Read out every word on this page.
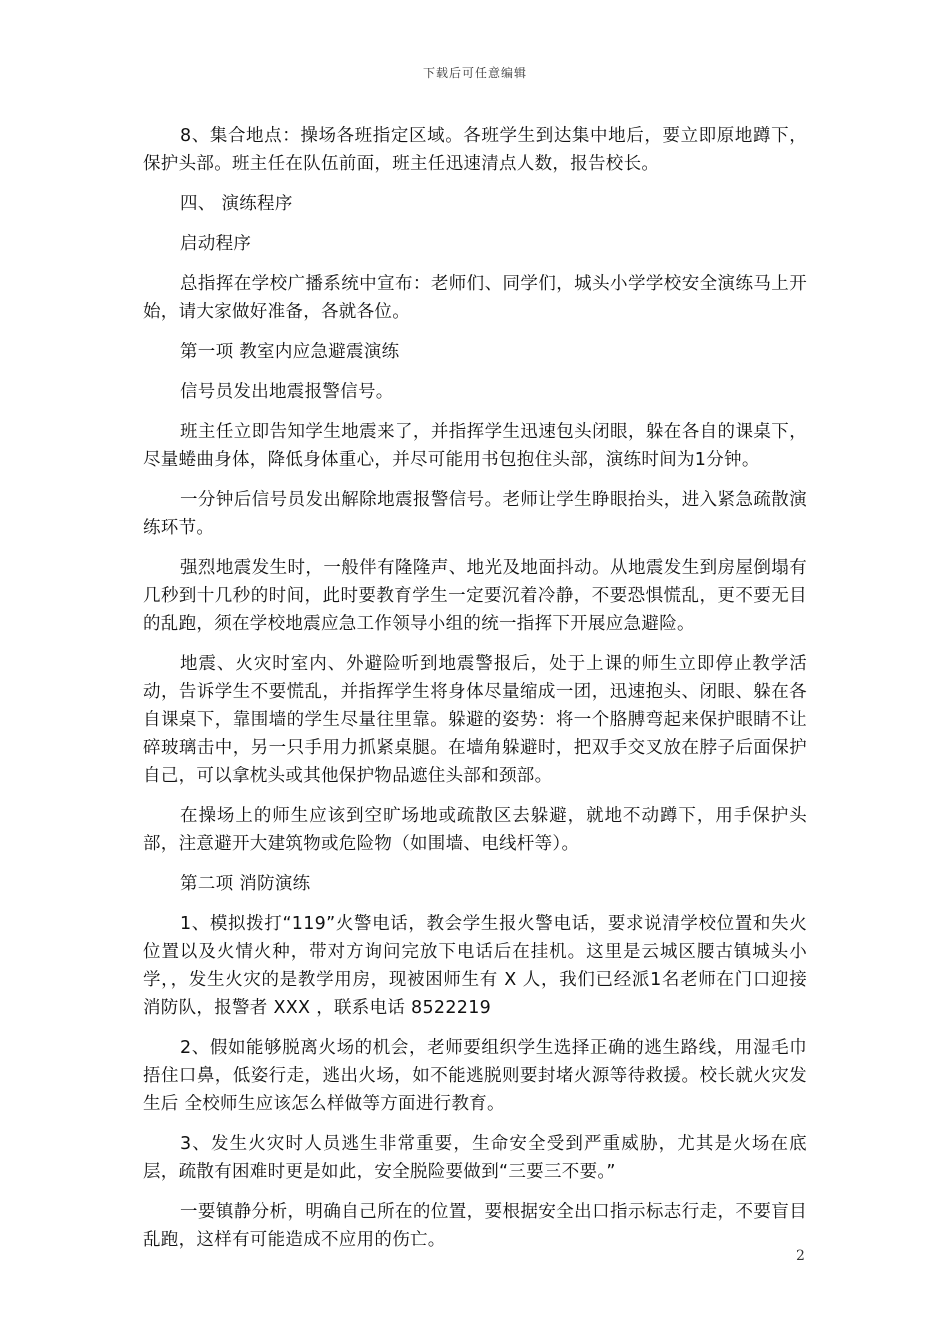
下载后可任意编辑

8、集合地点：操场各班指定区域。各班学生到达集中地后，要立即原地蹲下，保护头部。班主任在队伍前面，班主任迅速清点人数，报告校长。

四、 演练程序

启动程序

总指挥在学校广播系统中宣布：老师们、同学们，城头小学学校安全演练马上开始，请大家做好准备，各就各位。

第一项 教室内应急避震演练

信号员发出地震报警信号。

班主任立即告知学生地震来了，并指挥学生迅速包头闭眼，躲在各自的课桌下，尽量蜷曲身体，降低身体重心，并尽可能用书包抱住头部，演练时间为1分钟。

一分钟后信号员发出解除地震报警信号。老师让学生睁眼抬头，进入紧急疏散演练环节。

强烈地震发生时，一般伴有隆隆声、地光及地面抖动。从地震发生到房屋倒塌有几秒到十几秒的时间，此时要教育学生一定要沉着冷静，不要恐惧慌乱，更不要无目的乱跑，须在学校地震应急工作领导小组的统一指挥下开展应急避险。

地震、火灾时室内、外避险听到地震警报后，处于上课的师生立即停止教学活动，告诉学生不要慌乱，并指挥学生将身体尽量缩成一团，迅速抱头、闭眼、躲在各自课桌下，靠围墙的学生尽量往里靠。躲避的姿势：将一个胳膊弯起来保护眼睛不让碎玻璃击中，另一只手用力抓紧桌腿。在墙角躲避时，把双手交叉放在脖子后面保护自己，可以拿枕头或其他保护物品遮住头部和颈部。

在操场上的师生应该到空旷场地或疏散区去躲避，就地不动蹲下，用手保护头部，注意避开大建筑物或危险物（如围墙、电线杆等）。

第二项 消防演练

1、模拟拨打“119”火警电话，教会学生报火警电话，要求说清学校位置和失火位置以及火情火种，带对方询问完放下电话后在挂机。这里是云城区腰古镇城头小学，，发生火灾的是教学用房，现被困师生有 X 人，我们已经派1名老师在门口迎接消防队，报警者 XXX ，联系电话 8522219

2、假如能够脱离火场的机会，老师要组织学生选择正确的逃生路线，用湿毛巾捂住口鼻，低姿行走，逃出火场，如不能逃脱则要封堵火源等待救援。校长就火灾发生后 全校师生应该怎么样做等方面进行教育。

3、发生火灾时人员逃生非常重要，生命安全受到严重威胁，尤其是火场在底层，疏散有困难时更是如此，安全脱险要做到“三要三不要。”

一要镇静分析，明确自己所在的位置，要根据安全出口指示标志行走，不要盲目乱跑，这样有可能造成不应用的伤亡。

2
